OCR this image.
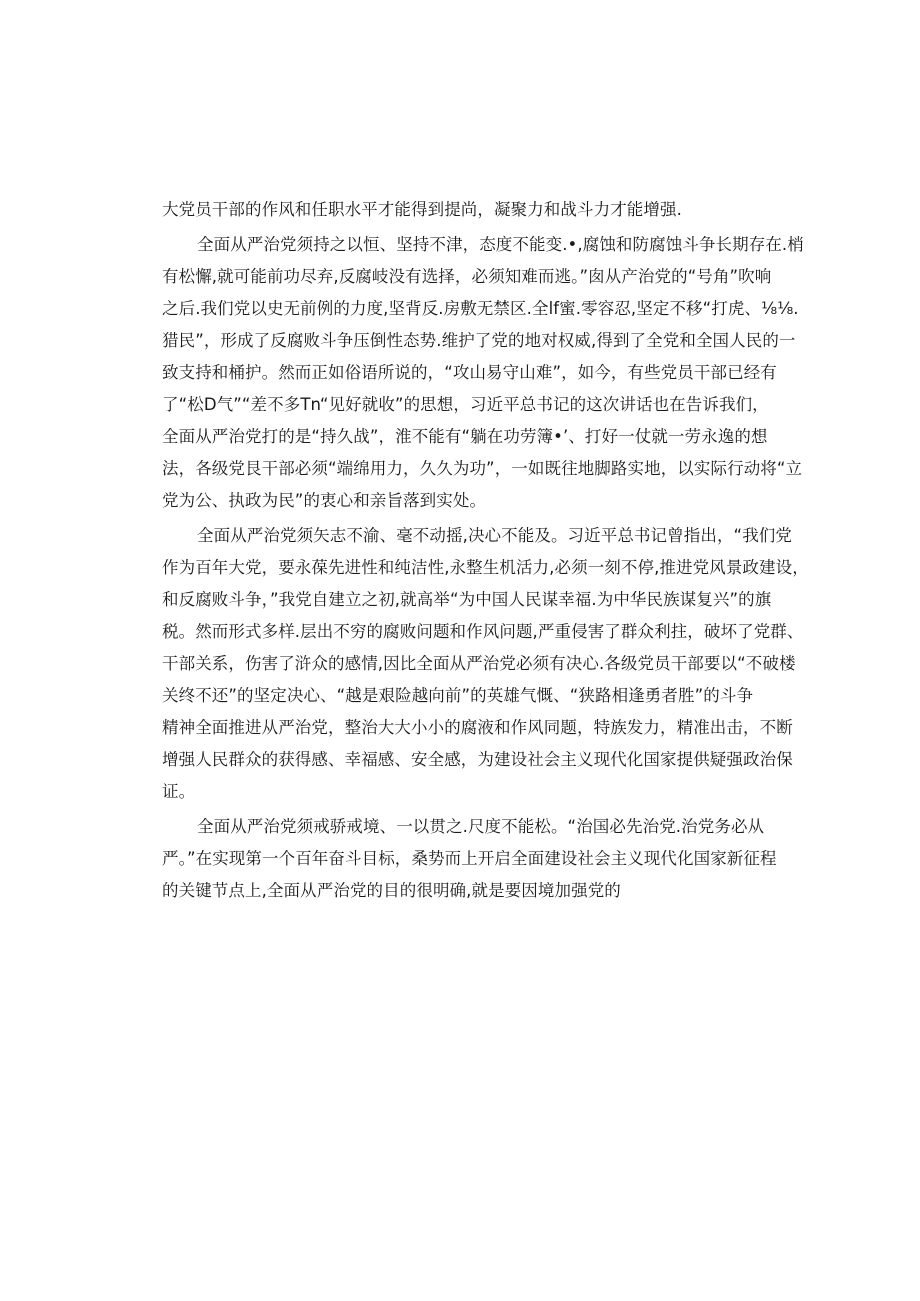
大党员干部的作风和任职水平才能得到提尚，凝聚力和战斗力才能增强.
全面从严治党须持之以恒、坚持不津，态度不能变.•,腐蚀和防腐蚀斗争长期存在.梢
有松懈,就可能前功尽弃,反腐岐没有选择，必须知难而逃。”囱从产治党的“号角”吹响
之后.我们党以史无前例的力度,坚背反.房敷无禁区.全lf蜜.零容忍,坚定不移“打虎、⅛⅛.
猎民”，形成了反腐败斗争压倒性态势.维护了党的地对权威,得到了全党和全国人民的一
致支持和桶护。然而正如俗语所说的，“攻山易守山难”，如今，有些党员干部已经有
了“松D气”“差不多Tn“见好就收”的思想，习近平总书记的这次讲话也在告诉我们，
全面从严治党打的是“持久战”，淮不能有“躺在功劳簿•’、打好一仗就一劳永逸的想
法，各级党艮干部必须“端绵用力，久久为功”，一如既往地脚路实地，以实际行动将“立
党为公、执政为民”的衷心和亲旨落到实处。
全面从严治党须矢志不渝、毫不动摇,决心不能及。习近平总书记曾指出，“我们党
作为百年大党，要永葆先进性和纯洁性,永整生机活力,必须一刻不停,推进党风景政建设，
和反腐败斗争，”我党自建立之初,就高举“为中国人民谋幸福.为中华民族谋复兴”的旗
税。然而形式多样.层出不穷的腐败问题和作风问题,严重侵害了群众利拄，破坏了党群、
干部关系，伤害了浒众的感情,因比全面从严治党必须有决心.各级党员干部要以“不破楼
关终不还”的坚定决心、“越是艰险越向前”的英雄气慨、“狭路相逢勇者胜”的斗争
精神全面推进从严治党，整治大大小小的腐液和作风同题，特族发力，精准出击，不断
增强人民群众的获得感、幸福感、安全感，为建设社会主义现代化国家提供疑强政治保
证。
全面从严治党须戒骄戒境、一以贯之.尺度不能松。“治国必先治党.治党务必从
严。”在实现第一个百年奋斗目标，桑势而上开启全面建设社会主义现代化国家新征程
的关键节点上,全面从严治党的目的很明确,就是要因境加强党的
